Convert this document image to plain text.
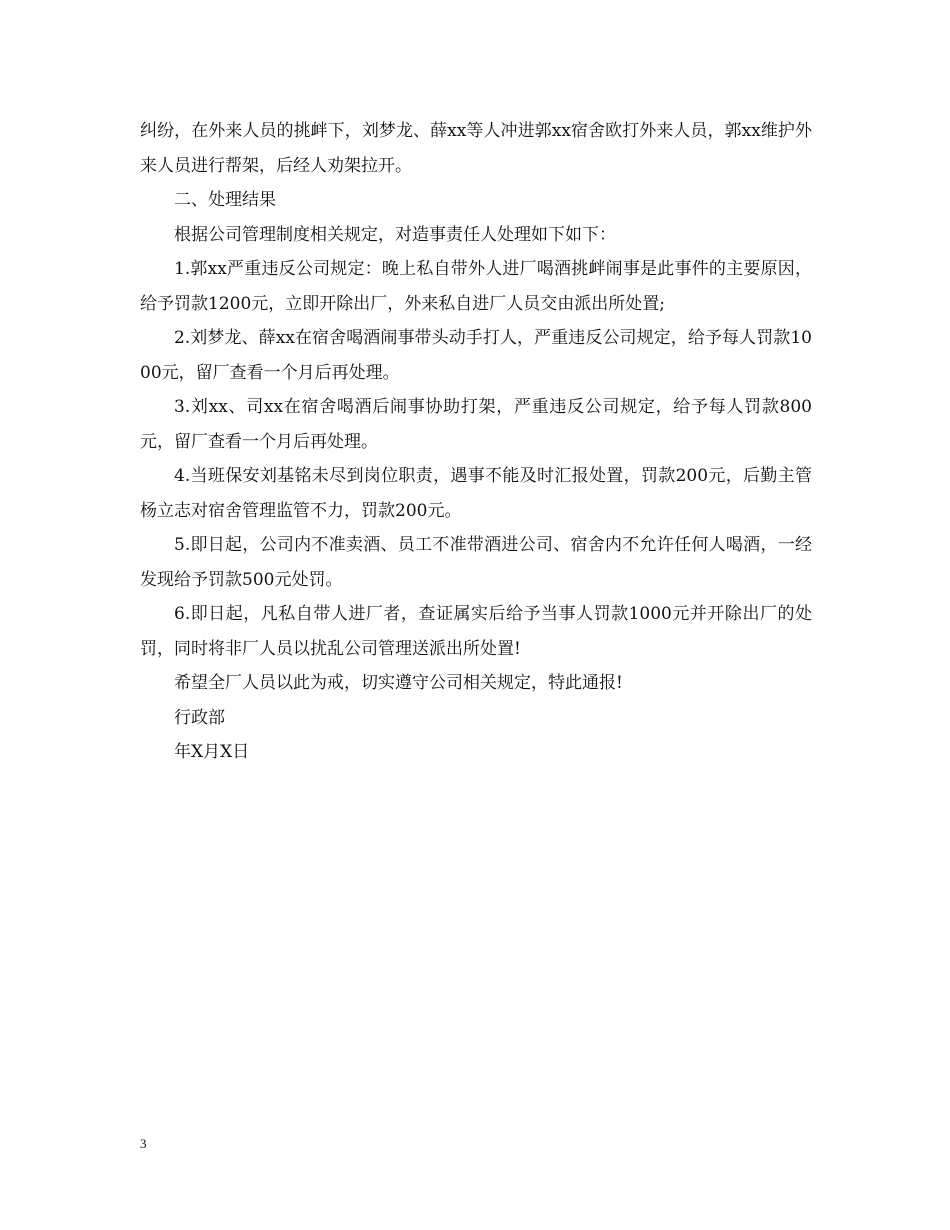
纠纷，在外来人员的挑衅下，刘梦龙、薛xx等人冲进郭xx宿舍欧打外来人员，郭xx维护外来人员进行帮架，后经人劝架拉开。

二、处理结果

根据公司管理制度相关规定，对造事责任人处理如下如下：

1.郭xx严重违反公司规定：晚上私自带外人进厂喝酒挑衅闹事是此事件的主要原因，给予罚款1200元，立即开除出厂，外来私自进厂人员交由派出所处置;

2.刘梦龙、薛xx在宿舍喝酒闹事带头动手打人，严重违反公司规定，给予每人罚款1000元，留厂查看一个月后再处理。

3.刘xx、司xx在宿舍喝酒后闹事协助打架，严重违反公司规定，给予每人罚款800元，留厂查看一个月后再处理。

4.当班保安刘基铭未尽到岗位职责，遇事不能及时汇报处置，罚款200元，后勤主管杨立志对宿舍管理监管不力，罚款200元。

5.即日起，公司内不准卖酒、员工不准带酒进公司、宿舍内不允许任何人喝酒，一经发现给予罚款500元处罚。

6.即日起，凡私自带人进厂者，查证属实后给予当事人罚款1000元并开除出厂的处罚，同时将非厂人员以扰乱公司管理送派出所处置!

希望全厂人员以此为戒，切实遵守公司相关规定，特此通报!

行政部

年X月X日

3
